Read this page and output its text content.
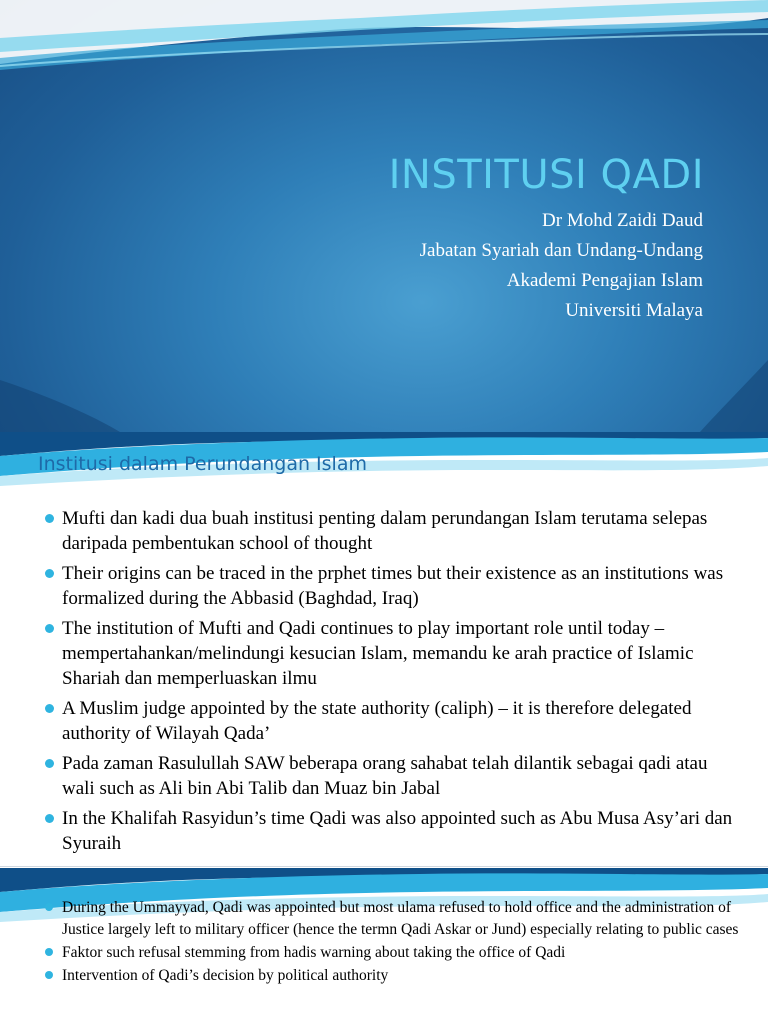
INSTITUSI QADI
Dr Mohd Zaidi Daud
Jabatan Syariah dan Undang-Undang
Akademi Pengajian Islam
Universiti Malaya
Institusi dalam Perundangan Islam
Mufti dan kadi dua buah institusi penting dalam perundangan Islam terutama selepas daripada pembentukan school of thought
Their origins can be traced in the prphet times but their existence as an institutions was formalized during the Abbasid (Baghdad, Iraq)
The institution of Mufti and Qadi continues to play important role until today – mempertahankan/melindungi kesucian Islam, memandu ke arah practice of Islamic Shariah dan memperluaskan ilmu
A Muslim judge appointed by the state authority (caliph) – it is therefore delegated authority of Wilayah Qada’
Pada zaman Rasulullah SAW beberapa orang sahabat telah dilantik sebagai qadi atau wali such as Ali bin Abi Talib dan Muaz bin Jabal
In the Khalifah Rasyidun’s time Qadi was also appointed such as Abu Musa Asy’ari dan Syuraih
During the Ummayyad, Qadi was appointed but most ulama refused to hold office and the administration of Justice largely left to military officer (hence the termn Qadi Askar or Jund) especially relating to public cases
Faktor such refusal stemming from hadis warning about taking the office of Qadi
Intervention of Qadi’s decision by political authority
